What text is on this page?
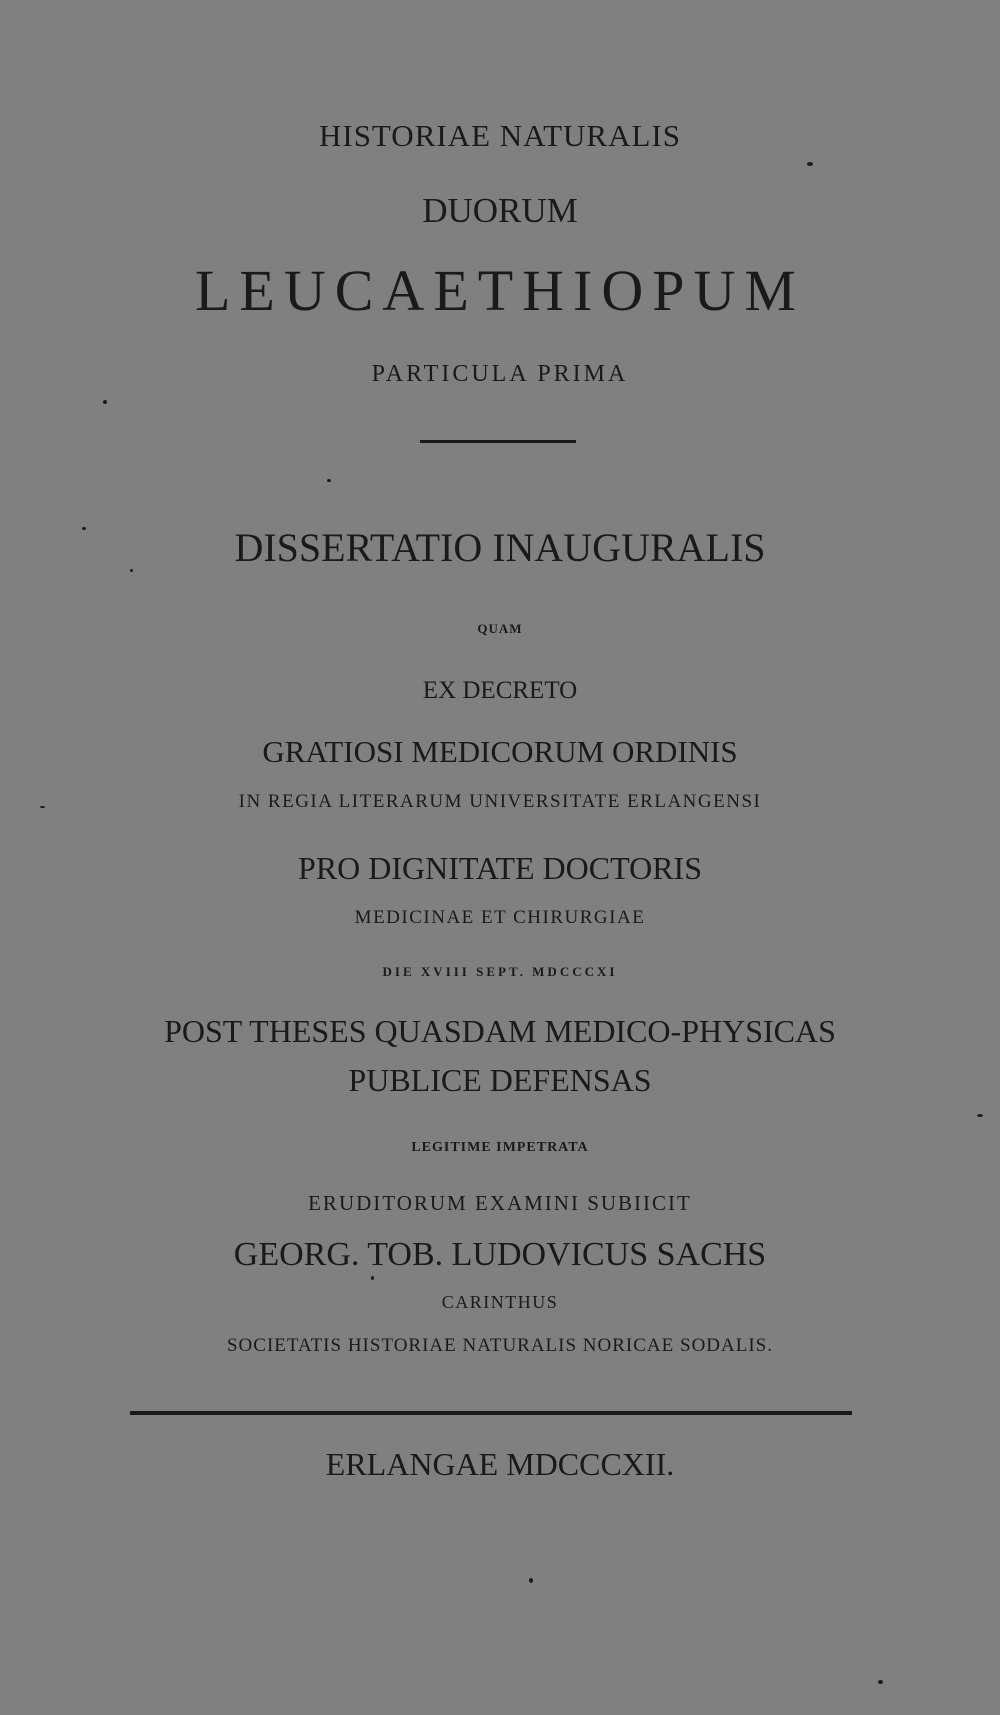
HISTORIAE NATURALIS
DUORUM
LEUCAETHIOPUM
PARTICULA PRIMA
DISSERTATIO INAUGURALIS
QUAM
EX DECRETO
GRATIOSI MEDICORUM ORDINIS
IN REGIA LITERARUM UNIVERSITATE ERLANGENSI
PRO DIGNITATE DOCTORIS
MEDICINAE ET CHIRURGIAE
DIE XVIII SEPT. MDCCCXI
POST THESES QUASDAM MEDICO-PHYSICAS
PUBLICE DEFENSAS
LEGITIME IMPETRATA
ERUDITORUM EXAMINI SUBIICIT
GEORG. TOB. LUDOVICUS SACHS
CARINTHUS
SOCIETATIS HISTORIAE NATURALIS NORICAE SODALIS.
ERLANGAE MDCCCXII.
